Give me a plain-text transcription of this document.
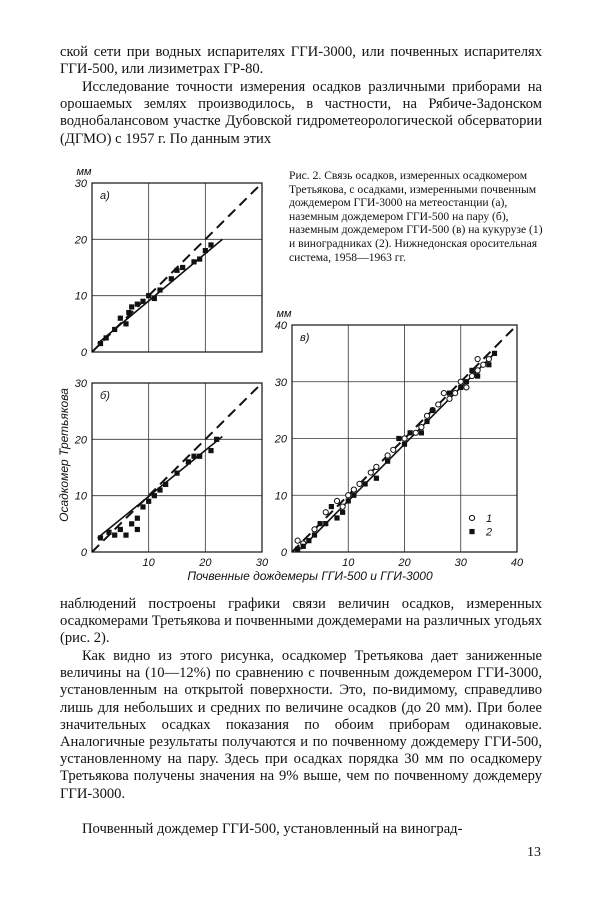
ской сети при водных испарителях ГГИ-3000, или почвенных испарителях ГГИ-500, или лизиметрах ГР-80.

Исследование точности измерения осадков различными приборами на орошаемых землях производилось, в частности, на Рябиче-Задонском воднобалансовом участке Дубовской гидрометеорологической обсерватории (ДГМО) с 1957 г. По данным этих

Рис. 2. Связь осадков, измеренных осадкомером Третьякова, с осадками, измеренными почвенным дождемером ГГИ-3000 на метеостанции (а), наземным дождемером ГГИ-500 на пару (б), наземным дождемером ГГИ-500 (в) на кукурузе (1) и виноградниках (2). Нижнедонская оросительная система, 1958—1963 гг.

0
10
20
30
мм
а)
0
10
20
30
10	20	30
б)
0
10
20
30
40
10	20	30	40
мм
в)
1
2
Осадкомер Третьякова
Почвенные дождемеры ГГИ-500 и ГГИ-3000

наблюдений построены графики связи величин осадков, измеренных осадкомерами Третьякова и почвенными дождемерами на различных угодьях (рис. 2).

Как видно из этого рисунка, осадкомер Третьякова дает заниженные величины на (10—12%) по сравнению с почвенным дождемером ГГИ-3000, установленным на открытой поверхности. Это, по-видимому, справедливо лишь для небольших и средних по величине осадков (до 20 мм). При более значительных осадках показания по обоим приборам одинаковые. Аналогичные результаты получаются и по почвенному дождемеру ГГИ-500, установленному на пару. Здесь при осадках порядка 30 мм по осадкомеру Третьякова получены значения на 9% выше, чем по почвенному дождемеру ГГИ-3000.

Почвенный дождемер ГГИ-500, установленный на виноград-

13
